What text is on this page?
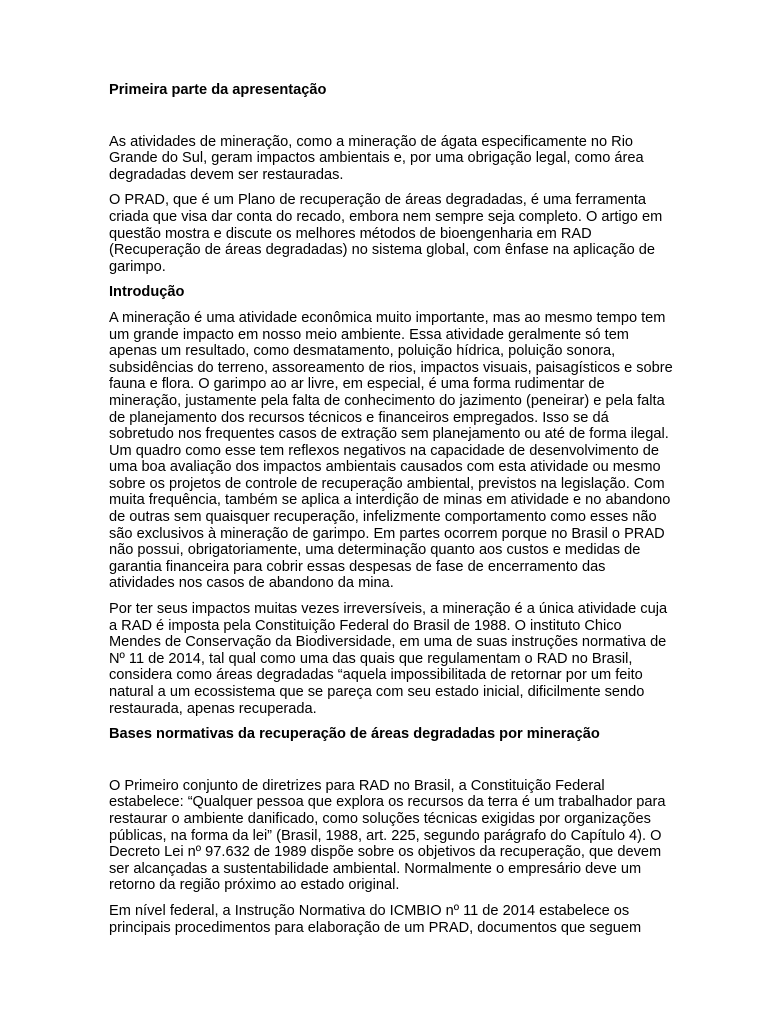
Primeira parte da apresentação

As atividades de mineração, como a mineração de ágata especificamente no Rio
Grande do Sul, geram impactos ambientais e, por uma obrigação legal, como área
degradadas devem ser restauradas.
O PRAD, que é um Plano de recuperação de áreas degradadas, é uma ferramenta
criada que visa dar conta do recado, embora nem sempre seja completo. O artigo em
questão mostra e discute os melhores métodos de bioengenharia em RAD
(Recuperação de áreas degradadas) no sistema global, com ênfase na aplicação de
garimpo.

Introdução

A mineração é uma atividade econômica muito importante, mas ao mesmo tempo tem
um grande impacto em nosso meio ambiente. Essa atividade geralmente só tem
apenas um resultado, como desmatamento, poluição hídrica, poluição sonora,
subsidências do terreno, assoreamento de rios, impactos visuais, paisagísticos e sobre
fauna e flora. O garimpo ao ar livre, em especial, é uma forma rudimentar de
mineração, justamente pela falta de conhecimento do jazimento (peneirar) e pela falta
de planejamento dos recursos técnicos e financeiros empregados. Isso se dá
sobretudo nos frequentes casos de extração sem planejamento ou até de forma ilegal.
Um quadro como esse tem reflexos negativos na capacidade de desenvolvimento de
uma boa avaliação dos impactos ambientais causados com esta atividade ou mesmo
sobre os projetos de controle de recuperação ambiental, previstos na legislação. Com
muita frequência, também se aplica a interdição de minas em atividade e no abandono
de outras sem quaisquer recuperação, infelizmente comportamento como esses não
são exclusivos à mineração de garimpo. Em partes ocorrem porque no Brasil o PRAD
não possui, obrigatoriamente, uma determinação quanto aos custos e medidas de
garantia financeira para cobrir essas despesas de fase de encerramento das
atividades nos casos de abandono da mina.
Por ter seus impactos muitas vezes irreversíveis, a mineração é a única atividade cuja
a RAD é imposta pela Constituição Federal do Brasil de 1988. O instituto Chico
Mendes de Conservação da Biodiversidade, em uma de suas instruções normativa de
Nº 11 de 2014, tal qual como uma das quais que regulamentam o RAD no Brasil,
considera como áreas degradadas “aquela impossibilitada de retornar por um feito
natural a um ecossistema que se pareça com seu estado inicial, dificilmente sendo
restaurada, apenas recuperada.

Bases normativas da recuperação de áreas degradadas por mineração

O Primeiro conjunto de diretrizes para RAD no Brasil, a Constituição Federal
estabelece: “Qualquer pessoa que explora os recursos da terra é um trabalhador para
restaurar o ambiente danificado, como soluções técnicas exigidas por organizações
públicas, na forma da lei” (Brasil, 1988, art. 225, segundo parágrafo do Capítulo 4). O
Decreto Lei nº 97.632 de 1989 dispõe sobre os objetivos da recuperação, que devem
ser alcançadas a sustentabilidade ambiental. Normalmente o empresário deve um
retorno da região próximo ao estado original.
Em nível federal, a Instrução Normativa do ICMBIO nº 11 de 2014 estabelece os
principais procedimentos para elaboração de um PRAD, documentos que seguem
